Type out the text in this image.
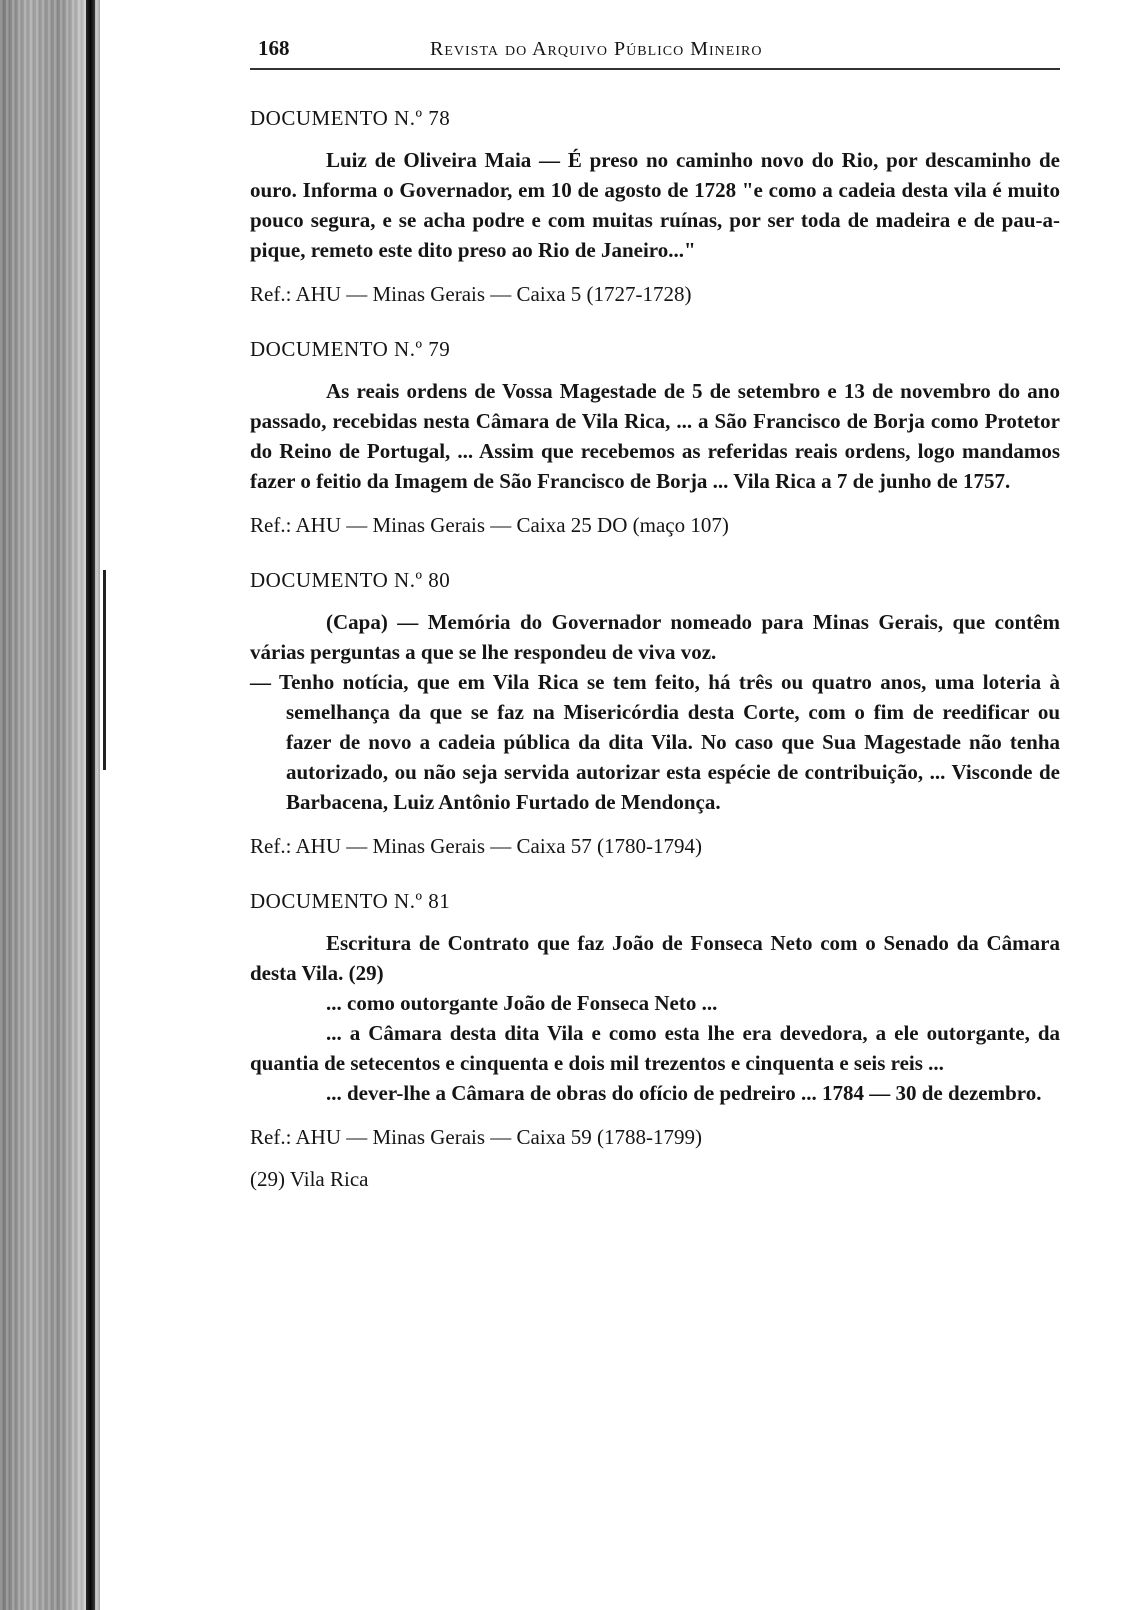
168	Revista do Arquivo Público Mineiro
DOCUMENTO N.º 78

Luiz de Oliveira Maia — É preso no caminho novo do Rio, por descaminho de ouro. Informa o Governador, em 10 de agosto de 1728 "e como a cadeia desta vila é muito pouco segura, e se acha podre e com muitas ruínas, por ser toda de madeira e de pau-a-pique, remeto este dito preso ao Rio de Janeiro..."

Ref.: AHU — Minas Gerais — Caixa 5 (1727-1728)

DOCUMENTO N.º 79

As reais ordens de Vossa Magestade de 5 de setembro e 13 de novembro do ano passado, recebidas nesta Câmara de Vila Rica, ... a São Francisco de Borja como Protetor do Reino de Portugal, ... Assim que recebemos as referidas reais ordens, logo mandamos fazer o feitio da Imagem de São Francisco de Borja ... Vila Rica a 7 de junho de 1757.

Ref.: AHU — Minas Gerais — Caixa 25 DO (maço 107)

DOCUMENTO N.º 80

(Capa) — Memória do Governador nomeado para Minas Gerais, que contêm várias perguntas a que se lhe respondeu de viva voz.

— Tenho notícia, que em Vila Rica se tem feito, há três ou quatro anos, uma loteria à semelhança da que se faz na Misericórdia desta Corte, com o fim de reedificar ou fazer de novo a cadeia pública da dita Vila. No caso que Sua Magestade não tenha autorizado, ou não seja servida autorizar esta espécie de contribuição, ... Visconde de Barbacena, Luiz Antônio Furtado de Mendonça.

Ref.: AHU — Minas Gerais — Caixa 57 (1780-1794)

DOCUMENTO N.º 81

Escritura de Contrato que faz João de Fonseca Neto com o Senado da Câmara desta Vila. (29)

... como outorgante João de Fonseca Neto ...

... a Câmara desta dita Vila e como esta lhe era devedora, a ele outorgante, da quantia de setecentos e cinquenta e dois mil trezentos e cinquenta e seis reis ...

... dever-lhe a Câmara de obras do ofício de pedreiro ... 1784 — 30 de dezembro.

Ref.: AHU — Minas Gerais — Caixa 59 (1788-1799)

(29) Vila Rica
